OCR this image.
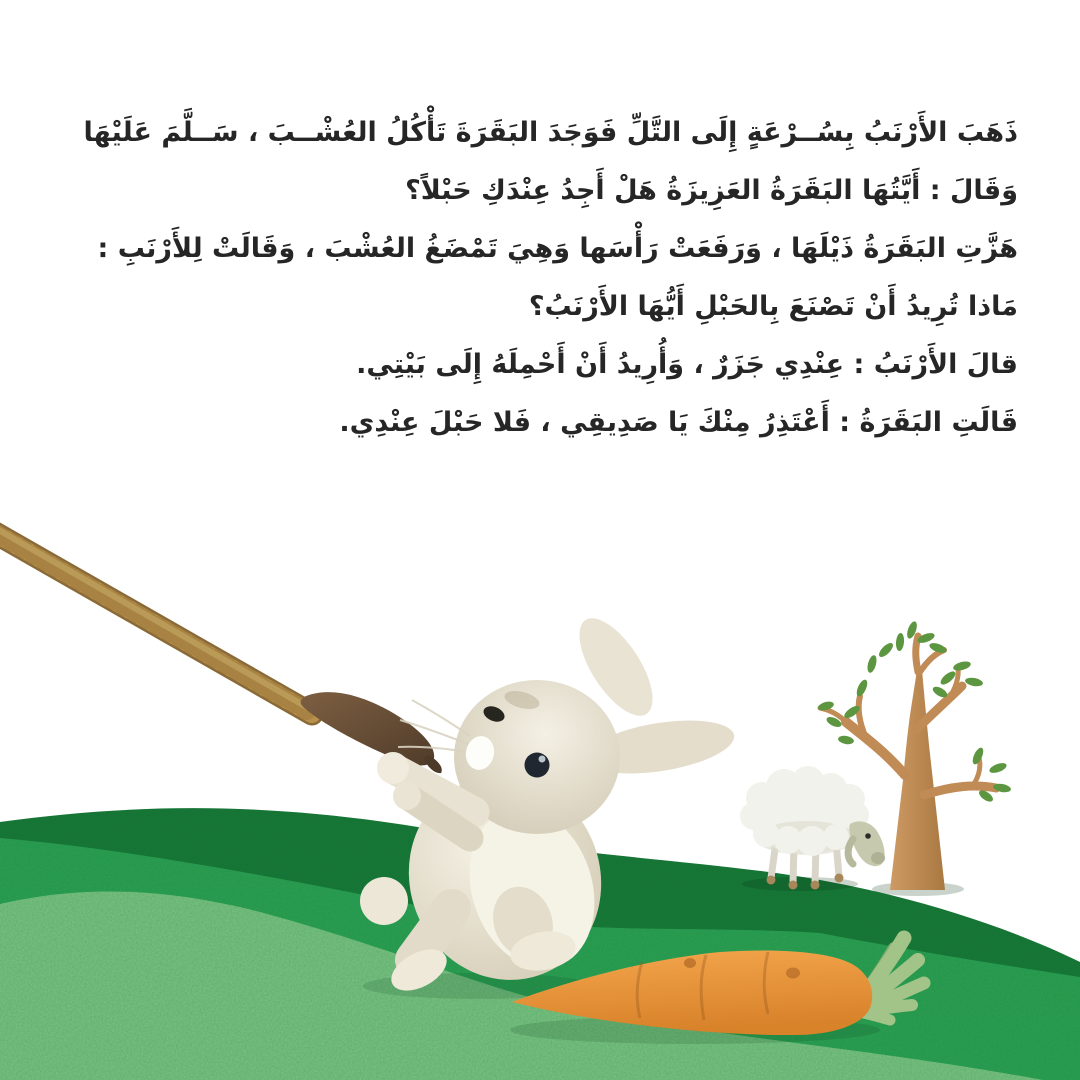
ذَهَبَ الأَرْنَبُ بِسُــرْعَةٍ إِلَى التَّلِّ فَوَجَدَ البَقَرَةَ تَأْكُلُ العُشْــبَ ، سَــلَّمَ عَلَيْهَا
وَقَالَ : أَيَّتُهَا البَقَرَةُ العَزِيزَةُ هَلْ أَجِدُ عِنْدَكِ حَبْلاً؟
هَزَّتِ البَقَرَةُ ذَيْلَهَا ، وَرَفَعَتْ رَأْسَها وَهِيَ تَمْضَغُ العُشْبَ ، وَقَالَتْ لِلأَرْنَبِ :
مَاذا تُرِيدُ أَنْ تَصْنَعَ بِالحَبْلِ أَيُّهَا الأَرْنَبُ؟
قالَ الأَرْنَبُ : عِنْدِي جَزَرٌ ، وَأُرِيدُ أَنْ أَحْمِلَهُ إِلَى بَيْتِي.
قَالَتِ البَقَرَةُ : أَعْتَذِرُ مِنْكَ يَا صَدِيقِي ، فَلا حَبْلَ عِنْدِي.
